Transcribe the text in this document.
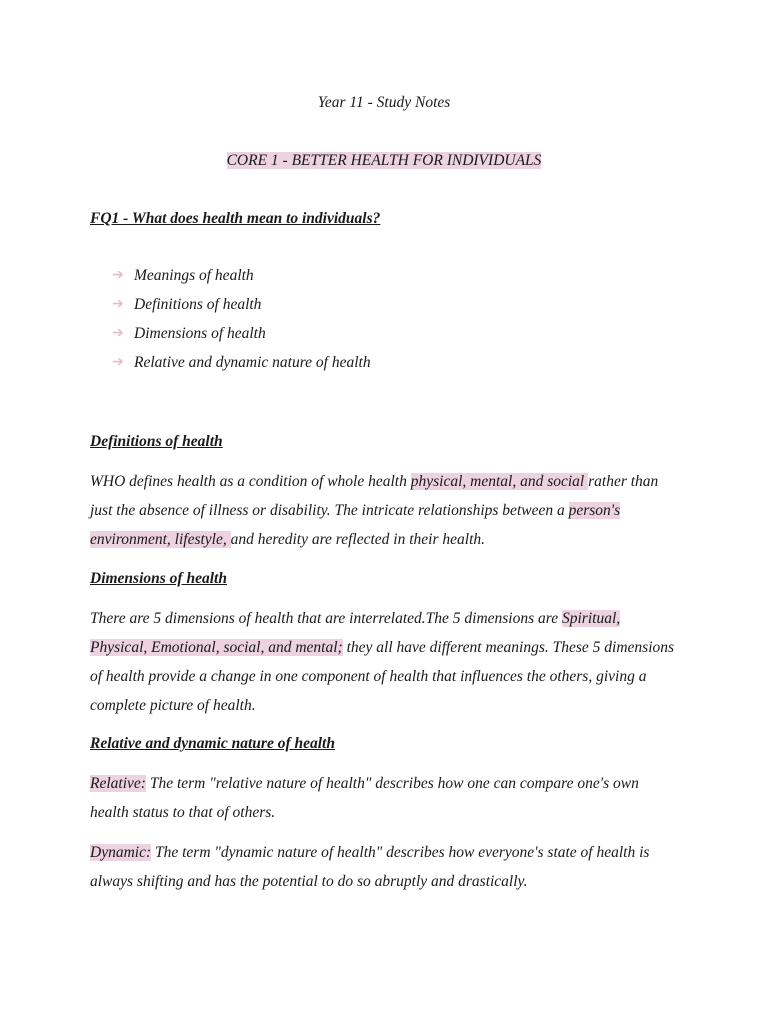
Year 11 - Study Notes
CORE 1 - BETTER HEALTH FOR INDIVIDUALS
FQ1 - What does health mean to individuals?
➔ Meanings of health
➔ Definitions of health
➔ Dimensions of health
➔ Relative and dynamic nature of health
Definitions of health

WHO defines health as a condition of whole health physical, mental, and social rather than just the absence of illness or disability. The intricate relationships between a person's environment, lifestyle, and heredity are reflected in their health.

Dimensions of health

There are 5 dimensions of health that are interrelated.The 5 dimensions are Spiritual, Physical, Emotional, social, and mental; they all have different meanings. These 5 dimensions of health provide a change in one component of health that influences the others, giving a complete picture of health.

Relative and dynamic nature of health

Relative: The term "relative nature of health" describes how one can compare one's own health status to that of others.

Dynamic: The term "dynamic nature of health" describes how everyone's state of health is always shifting and has the potential to do so abruptly and drastically.
